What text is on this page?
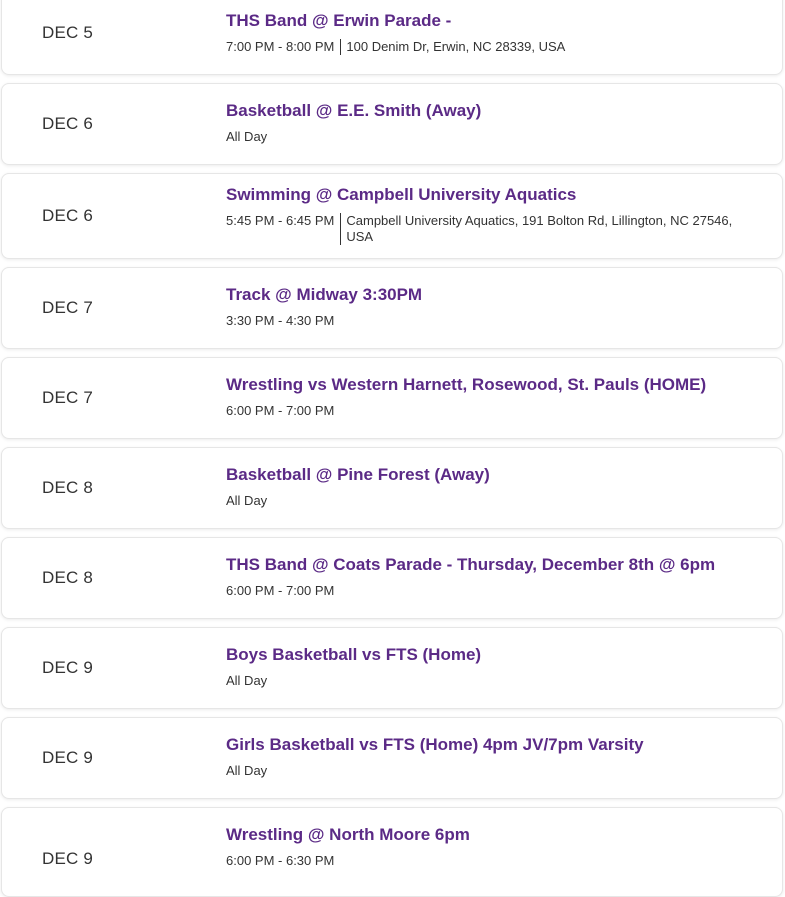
DEC 5
THS Band @ Erwin Parade -
7:00 PM - 8:00 PM 100 Denim Dr, Erwin, NC 28339, USA
DEC 6
Basketball @ E.E. Smith (Away)
All Day
DEC 6
Swimming @ Campbell University Aquatics
5:45 PM - 6:45 PM Campbell University Aquatics, 191 Bolton Rd, Lillington, NC 27546, USA
DEC 7
Track @ Midway 3:30PM
3:30 PM - 4:30 PM
DEC 7
Wrestling vs Western Harnett, Rosewood, St. Pauls (HOME)
6:00 PM - 7:00 PM
DEC 8
Basketball @ Pine Forest (Away)
All Day
DEC 8
THS Band @ Coats Parade - Thursday, December 8th @ 6pm
6:00 PM - 7:00 PM
DEC 9
Boys Basketball vs FTS (Home)
All Day
DEC 9
Girls Basketball vs FTS (Home) 4pm JV/7pm Varsity
All Day
DEC 9
Wrestling @ North Moore 6pm
6:00 PM - 6:30 PM
